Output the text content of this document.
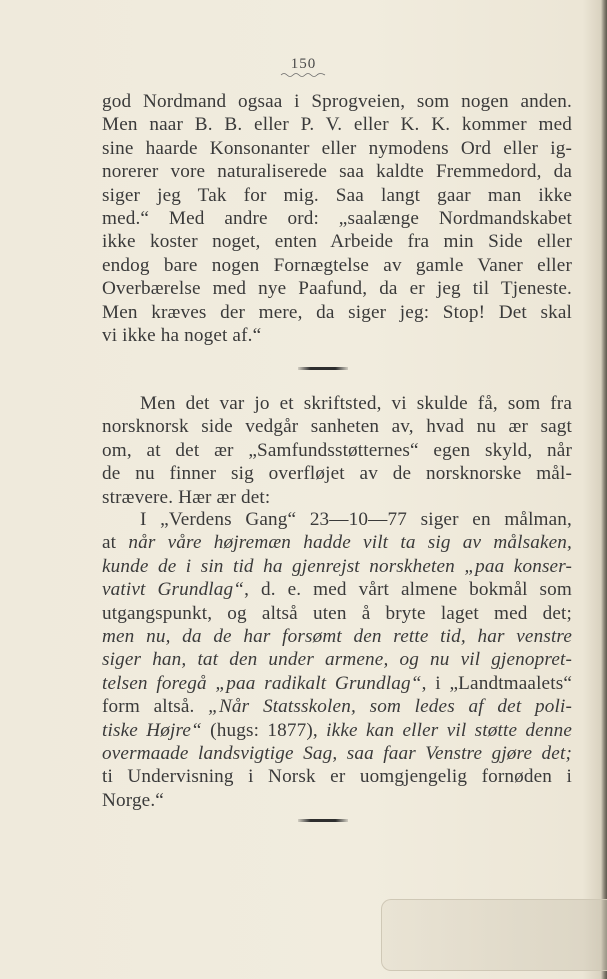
150
god Nordmand ogsaa i Sprogveien, som nogen anden.
Men naar B. B. eller P. V. eller K. K. kommer med
sine haarde Konsonanter eller nymodens Ord eller ig-
norerer vore naturaliserede saa kaldte Fremmedord, da
siger jeg Tak for mig. Saa langt gaar man ikke
med.“ Med andre ord: „saalænge Nordmandskabet
ikke koster noget, enten Arbeide fra min Side eller
endog bare nogen Fornægtelse av gamle Vaner eller
Overbærelse med nye Paafund, da er jeg til Tjeneste.
Men kræves der mere, da siger jeg: Stop! Det skal
vi ikke ha noget af.“
Men det var jo et skriftsted, vi skulde få, som fra
norsknorsk side vedgår sanheten av, hvad nu ær sagt
om, at det ær „Samfundsstøtternes“ egen skyld, når
de nu finner sig overfløjet av de norsknorske mål-
strævere. Hær ær det:
I „Verdens Gang“ 23—10—77 siger en målman,
at når våre højremæn hadde vilt ta sig av målsaken,
kunde de i sin tid ha gjenrejst norskheten „paa konser-
vativt Grundlag“, d. e. med vårt almene bokmål som
utgangspunkt, og altså uten å bryte laget med det;
men nu, da de har forsømt den rette tid, har venstre
siger han, tat den under armene, og nu vil gjenopret-
telsen foregå „paa radikalt Grundlag“, i „Landtmaalets“
form altså. „Når Statsskolen, som ledes af det poli-
tiske Højre“ (hugs: 1877), ikke kan eller vil støtte denne
overmaade landsvigtige Sag, saa faar Venstre gjøre det;
ti Undervisning i Norsk er uomgjengelig fornøden i
Norge.“
